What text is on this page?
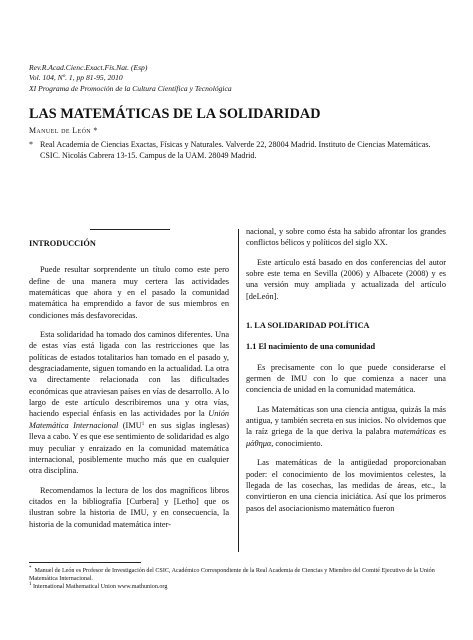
Rev.R.Acad.Cienc.Exact.Fís.Nat. (Esp)
Vol. 104, Nº. 1, pp 81-95, 2010
XI Programa de Promoción de la Cultura Científica y Tecnológica
LAS MATEMÁTICAS DE LA SOLIDARIDAD
Manuel de León *
* Real Academia de Ciencias Exactas, Físicas y Naturales. Valverde 22, 28004 Madrid. Instituto de Ciencias Matemáticas. CSIC. Nicolás Cabrera 13-15. Campus de la UAM. 28049 Madrid.

INTRODUCCIÓN

Puede resultar sorprendente un título como este pero define de una manera muy certera las actividades matemáticas que ahora y en el pasado la comunidad matemática ha emprendido a favor de sus miembros en condiciones más desfavorecidas.

Esta solidaridad ha tomado dos caminos diferentes. Una de estas vías está ligada con las restricciones que las políticas de estados totalitarios han tomado en el pasado y, desgraciadamente, siguen tomando en la actualidad. La otra va directamente relacionada con las dificultades económicas que atraviesan países en vías de desarrollo. A lo largo de este artículo describiremos una y otra vías, haciendo especial énfasis en las actividades por la Unión Matemática Internacional (IMU$^1$ en sus siglas inglesas) lleva a cabo. Y es que ese sentimiento de solidaridad es algo muy peculiar y enraizado en la comunidad matemática internacional, posiblemente mucho más que en cualquier otra disciplina.

Recomendamos la lectura de los dos magníficos libros citados en la bibliografía [Curbera] y [Letho] que os ilustran sobre la historia de IMU, y en consecuencia, la historia de la comunidad matemática inter-

nacional, y sobre como ésta ha sabido afrontar los grandes conflictos bélicos y políticos del siglo XX.

Este artículo está basado en dos conferencias del autor sobre este tema en Sevilla (2006) y Albacete (2008) y es una versión muy ampliada y actualizada del artículo [deLeón].

1. LA SOLIDARIDAD POLÍTICA

1.1 El nacimiento de una comunidad

Es precisamente con lo que puede considerarse el germen de IMU con lo que comienza a nacer una conciencia de unidad en la comunidad matemática.

Las Matemáticas son una ciencia antigua, quizás la más antigua, y también secreta en sus inicios. No olvidemos que la raíz griega de la que deriva la palabra matemáticas es μάθημα, conocimiento.

Las matemáticas de la antigüedad proporcionaban poder: el conocimiento de los movimientos celestes, la llegada de las cosechas, las medidas de áreas, etc., la convirtieron en una ciencia iniciática. Así que los primeros pasos del asociacionismo matemático fueron

* Manuel de León es Profesor de Investigación del CSIC, Académico Correspondiente de la Real Academia de Ciencias y Miembro del Comité Ejecutivo de la Unión Matemática Internacional.

$^1$ International Mathematical Union www.mathunion.org
